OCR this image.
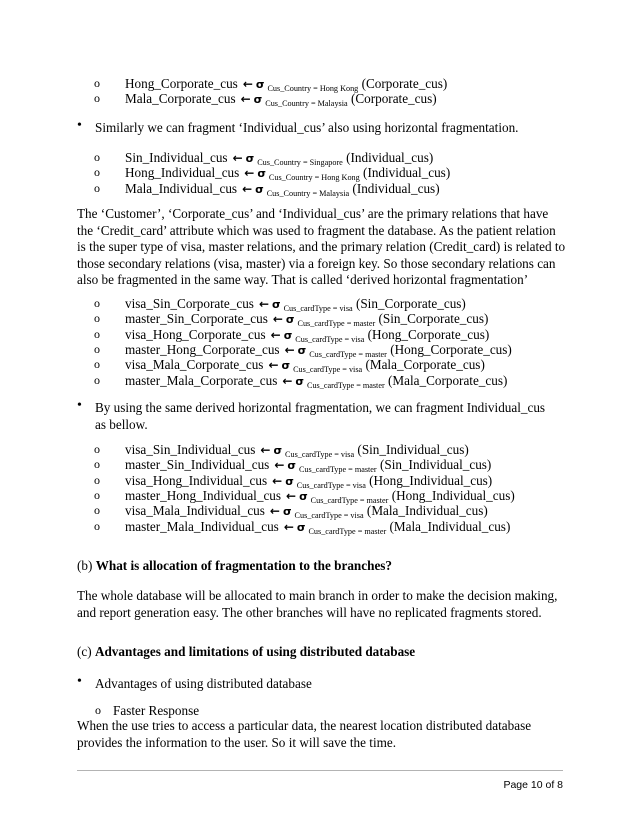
o Hong_Corporate_cus ← σ $_{Cus\_Country = Hong Kong}$ (Corporate_cus)
o Mala_Corporate_cus ← σ $_{Cus\_Country = Malaysia}$ (Corporate_cus)
• Similarly we can fragment ‘Individual_cus’ also using horizontal fragmentation.
o Sin_Individual_cus ← σ $_{Cus\_Country = Singapore}$ (Individual_cus)
o Hong_Individual_cus ← σ $_{Cus\_Country = Hong Kong}$ (Individual_cus)
o Mala_Individual_cus ← σ $_{Cus\_Country = Malaysia}$ (Individual_cus)
The ‘Customer’, ‘Corporate_cus’ and ‘Individual_cus’ are the primary relations that have the ‘Credit_card’ attribute which was used to fragment the database. As the patient relation is the super type of visa, master relations, and the primary relation (Credit_card) is related to those secondary relations (visa, master) via a foreign key. So those secondary relations can also be fragmented in the same way. That is called ‘derived horizontal fragmentation’
o visa_Sin_Corporate_cus ← σ $_{Cus\_cardType = visa}$ (Sin_Corporate_cus)
o master_Sin_Corporate_cus ← σ $_{Cus\_cardType = master}$ (Sin_Corporate_cus)
o visa_Hong_Corporate_cus ← σ $_{Cus\_cardType = visa}$ (Hong_Corporate_cus)
o master_Hong_Corporate_cus ← σ $_{Cus\_cardType = master}$ (Hong_Corporate_cus)
o visa_Mala_Corporate_cus ← σ $_{Cus\_cardType = visa}$ (Mala_Corporate_cus)
o master_Mala_Corporate_cus ← σ $_{Cus\_cardType = master}$ (Mala_Corporate_cus)
• By using the same derived horizontal fragmentation, we can fragment Individual_cus as bellow.
o visa_Sin_Individual_cus ← σ $_{Cus\_cardType = visa}$ (Sin_Individual_cus)
o master_Sin_Individual_cus ← σ $_{Cus\_cardType = master}$ (Sin_Individual_cus)
o visa_Hong_Individual_cus ← σ $_{Cus\_cardType = visa}$ (Hong_Individual_cus)
o master_Hong_Individual_cus ← σ $_{Cus\_cardType = master}$ (Hong_Individual_cus)
o visa_Mala_Individual_cus ← σ $_{Cus\_cardType = visa}$ (Mala_Individual_cus)
o master_Mala_Individual_cus ← σ $_{Cus\_cardType = master}$ (Mala_Individual_cus)
(b) What is allocation of fragmentation to the branches?
The whole database will be allocated to main branch in order to make the decision making, and report generation easy. The other branches will have no replicated fragments stored.
(c) Advantages and limitations of using distributed database
• Advantages of using distributed database
o Faster Response
When the use tries to access a particular data, the nearest location distributed database provides the information to the user. So it will save the time.
Page 10 of 8
